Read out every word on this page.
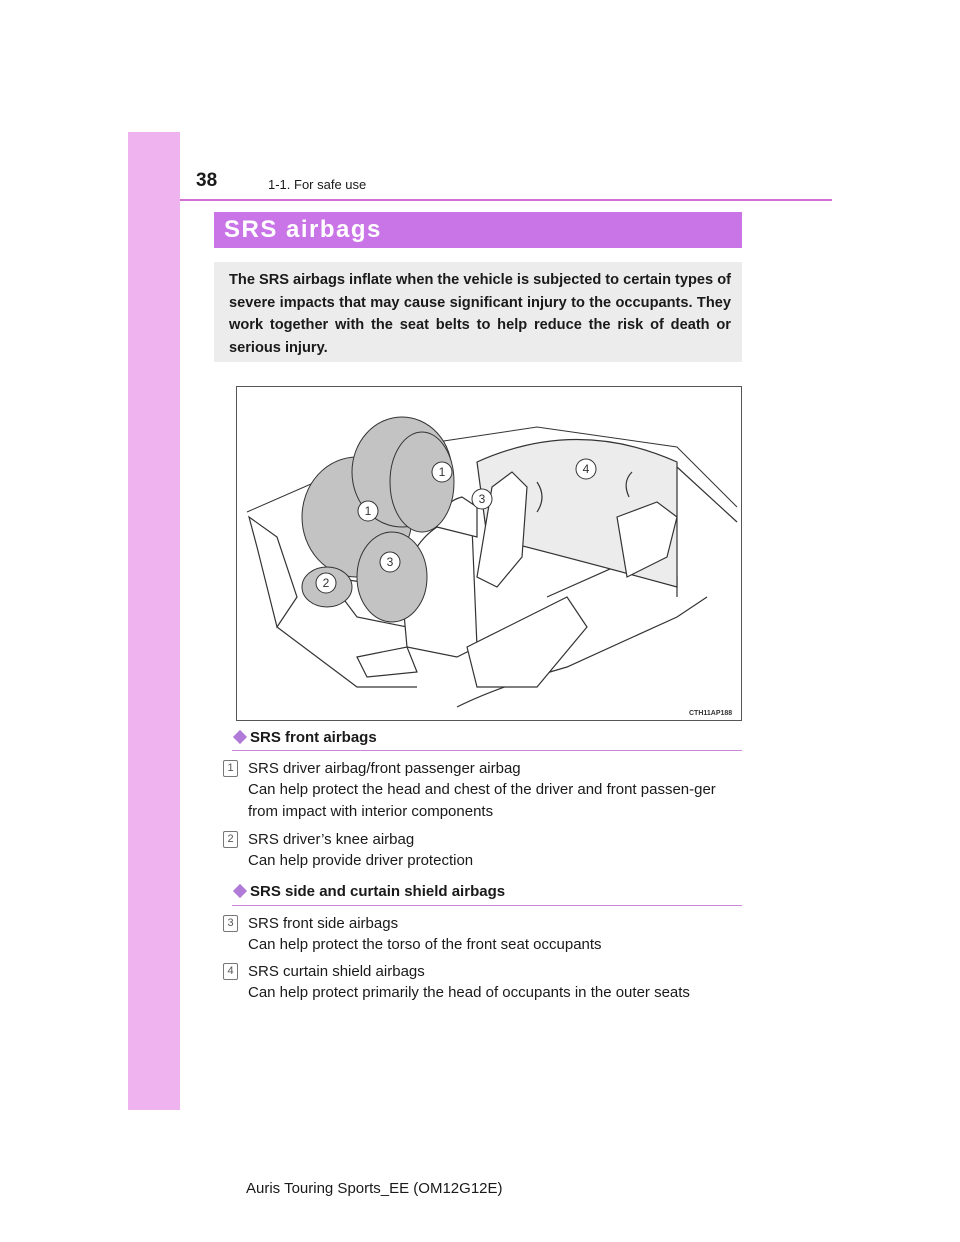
38	1-1. For safe use
SRS airbags
The SRS airbags inflate when the vehicle is subjected to certain types of severe impacts that may cause significant injury to the occupants. They work together with the seat belts to help reduce the risk of death or serious injury.
1
1
2
3
3
4
CTH11AP188
SRS front airbags
1 SRS driver airbag/front passenger airbag
Can help protect the head and chest of the driver and front passen-ger from impact with interior components
2 SRS driver’s knee airbag
Can help provide driver protection
SRS side and curtain shield airbags
3 SRS front side airbags
Can help protect the torso of the front seat occupants
4 SRS curtain shield airbags
Can help protect primarily the head of occupants in the outer seats
Auris Touring Sports_EE (OM12G12E)
